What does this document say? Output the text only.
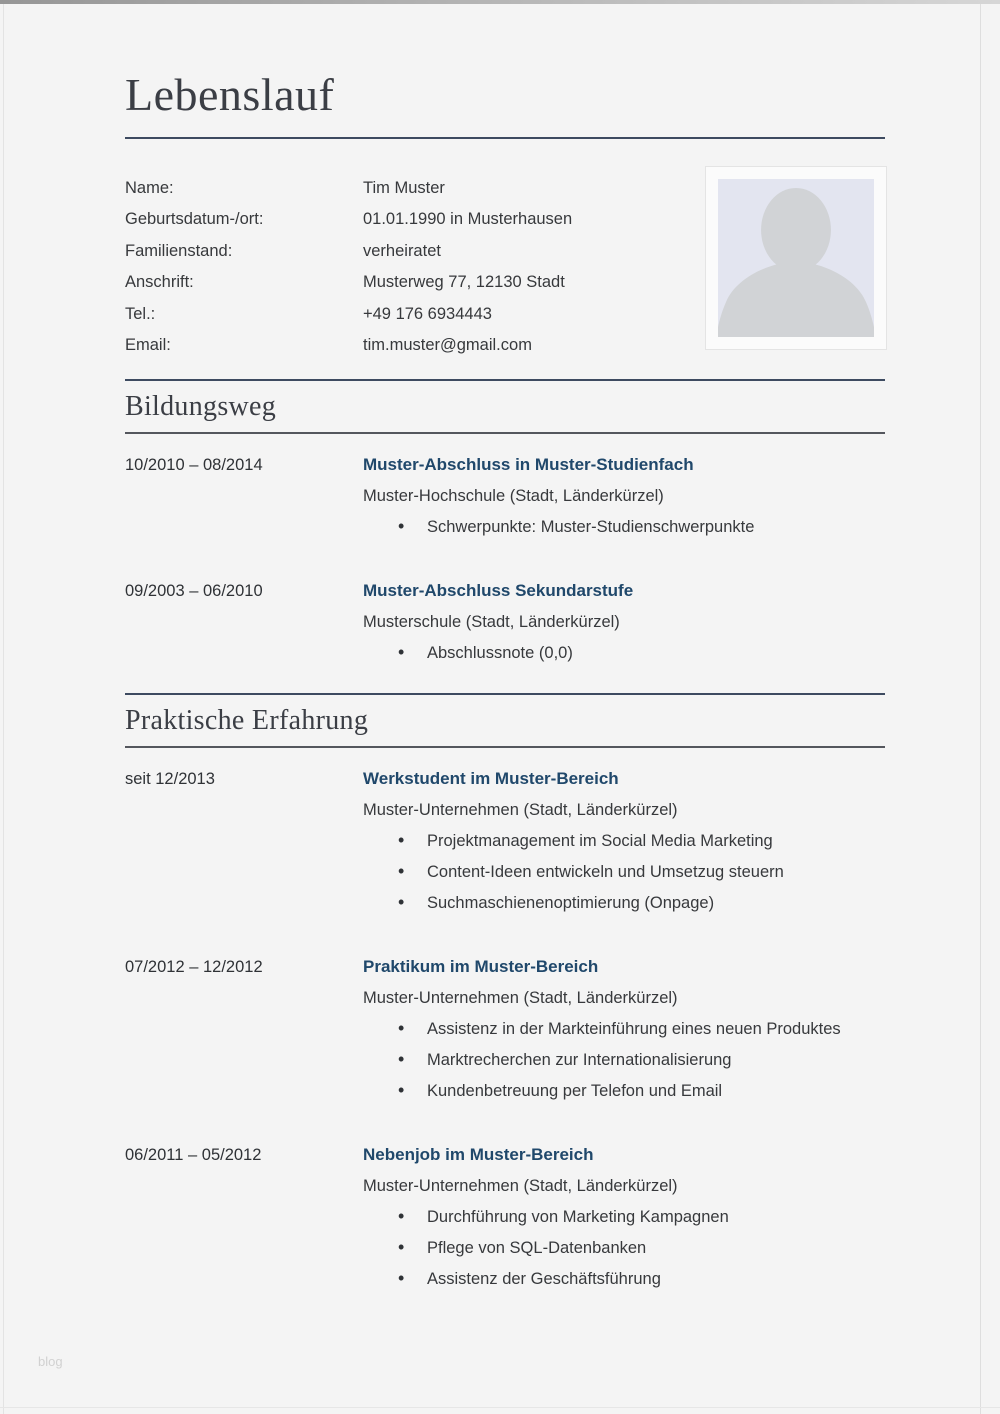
Lebenslauf
Name:	Tim Muster
Geburtsdatum-/ort:	01.01.1990 in Musterhausen
Familienstand:	verheiratet
Anschrift:	Musterweg 77, 12130 Stadt
Tel.:	+49 176 6934443
Email:	tim.muster@gmail.com
Bildungsweg
10/2010 – 08/2014	Muster-Abschluss in Muster-Studienfach
Muster-Hochschule (Stadt, Länderkürzel)
• Schwerpunkte: Muster-Studienschwerpunkte
09/2003 – 06/2010	Muster-Abschluss Sekundarstufe
Musterschule (Stadt, Länderkürzel)
• Abschlussnote (0,0)
Praktische Erfahrung
seit 12/2013	Werkstudent im Muster-Bereich
Muster-Unternehmen (Stadt, Länderkürzel)
• Projektmanagement im Social Media Marketing
• Content-Ideen entwickeln und Umsetzug steuern
• Suchmaschienenoptimierung (Onpage)
07/2012 – 12/2012	Praktikum im Muster-Bereich
Muster-Unternehmen (Stadt, Länderkürzel)
• Assistenz in der Markteinführung eines neuen Produktes
• Marktrecherchen zur Internationalisierung
• Kundenbetreuung per Telefon und Email
06/2011 – 05/2012	Nebenjob im Muster-Bereich
Muster-Unternehmen (Stadt, Länderkürzel)
• Durchführung von Marketing Kampagnen
• Pflege von SQL-Datenbanken
• Assistenz der Geschäftsführung
blog
